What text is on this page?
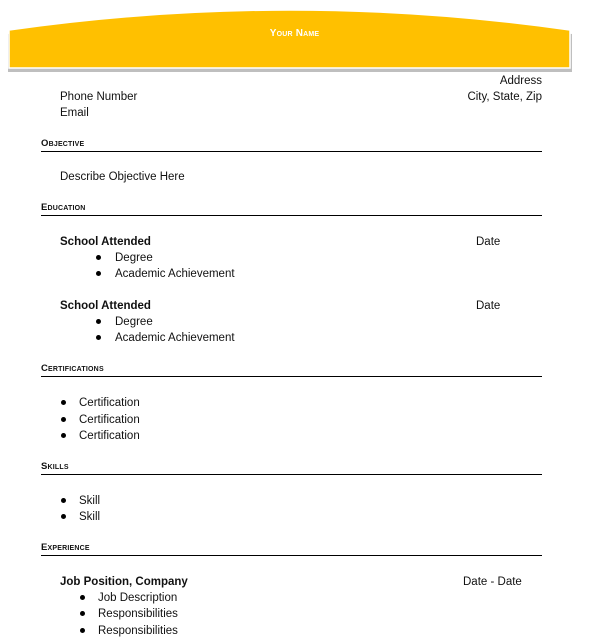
Your Name
Address
Phone Number	City, State, Zip
Email
Objective
Describe Objective Here
Education
School Attended	Date
Degree
Academic Achievement
School Attended	Date
Degree
Academic Achievement
Certifications
Certification
Certification
Certification
Skills
Skill
Skill
Experience
Job Position, Company	Date - Date
Job Description
Responsibilities
Responsibilities
